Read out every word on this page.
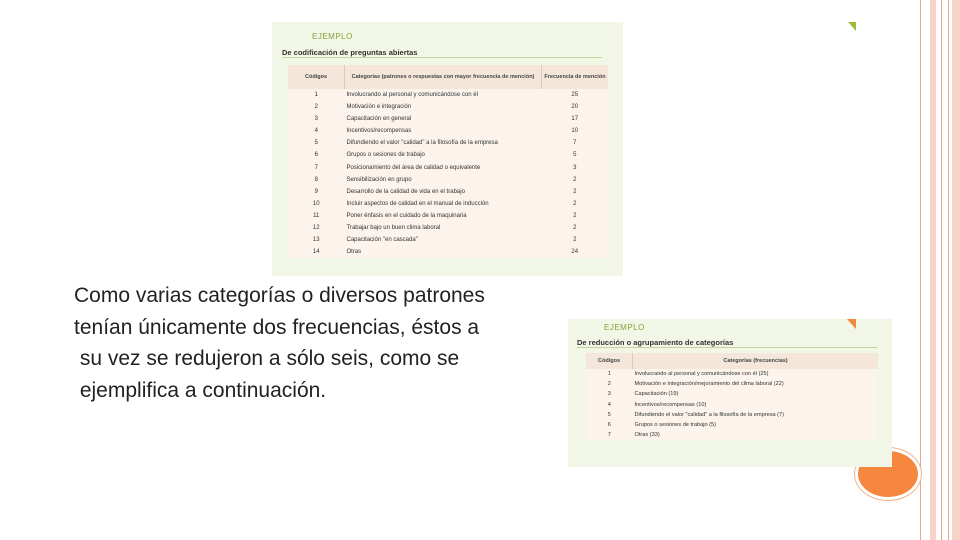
EJEMPLO
De codificación de preguntas abiertas
Códigos	Categorías (patrones o respuestas con mayor frecuencia de mención)	Frecuencia de mención
1	Involucrando al personal y comunicándose con él	25
2	Motivación e integración	20
3	Capacitación en general	17
4	Incentivos/recompensas	10
5	Difundiendo el valor "calidad" a la filosofía de la empresa	7
6	Grupos o sesiones de trabajo	5
7	Posicionamiento del área de calidad o equivalente	3
8	Sensibilización en grupo	2
9	Desarrollo de la calidad de vida en el trabajo	2
10	Incluir aspectos de calidad en el manual de inducción	2
11	Poner énfasis en el cuidado de la maquinaria	2
12	Trabajar bajo un buen clima laboral	2
13	Capacitación "en cascada"	2
14	Otras	24
Como varias categorías o diversos patrones
tenían únicamente dos frecuencias, éstos a
su vez se redujeron a sólo seis, como se
ejemplifica a continuación.
EJEMPLO
De reducción o agrupamiento de categorías
Códigos	Categorías (frecuencias)
1	Involucrando al personal y comunicándose con él (25)
2	Motivación e integración/mejoramiento del clima laboral (22)
3	Capacitación (19)
4	Incentivos/recompensas (10)
5	Difundiendo el valor "calidad" a la filosofía de la empresa (7)
6	Grupos o sesiones de trabajo (5)
7	Otras (33)
